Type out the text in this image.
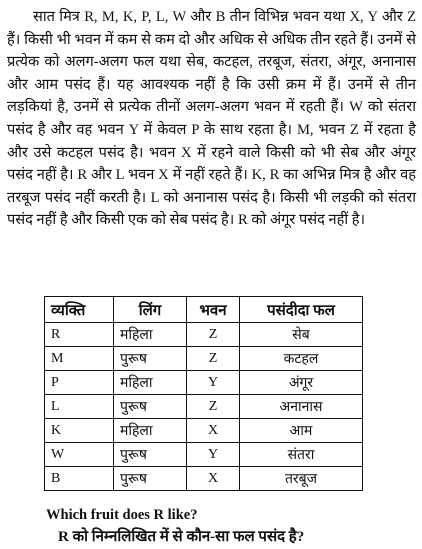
सात मित्र R, M, K, P, L, W और B तीन विभिन्न भवन यथा X, Y और Z हैं। किसी भी भवन में कम से कम दो और अधिक से अधिक तीन रहते हैं। उनमें से प्रत्येक को अलग-अलग फल यथा सेब, कटहल, तरबूज, संतरा, अंगूर, अनानास और आम पसंद हैं। यह आवश्यक नहीं है कि उसी क्रम में हैं। उनमें से तीन लड़कियां है, उनमें से प्रत्येक तीनों अलग-अलग भवन में रहती हैं। W को संतरा पसंद है और वह भवन Y में केवल P के साथ रहता है। M, भवन Z में रहता है और उसे कटहल पसंद है। भवन X में रहने वाले किसी को भी सेब और अंगूर पसंद नहीं है। R और L भवन X में नहीं रहते हैं। K, R का अभिन्न मित्र है और वह तरबूज पसंद नहीं करती है। L को अनानास पसंद है। किसी भी लड़की को संतरा पसंद नहीं है और किसी एक को सेब पसंद है। R को अंगूर पसंद नहीं है।

व्यक्ति	लिंग	भवन	पसंदीदा फल
R	महिला	Z	सेब
M	पुरूष	Z	कटहल
P	महिला	Y	अंगूर
L	पुरूष	Z	अनानास
K	महिला	X	आम
W	पुरूष	Y	संतरा
B	पुरूष	X	तरबूज

Which fruit does R like?

R को निम्नलिखित में से कौन-सा फल पसंद है?
